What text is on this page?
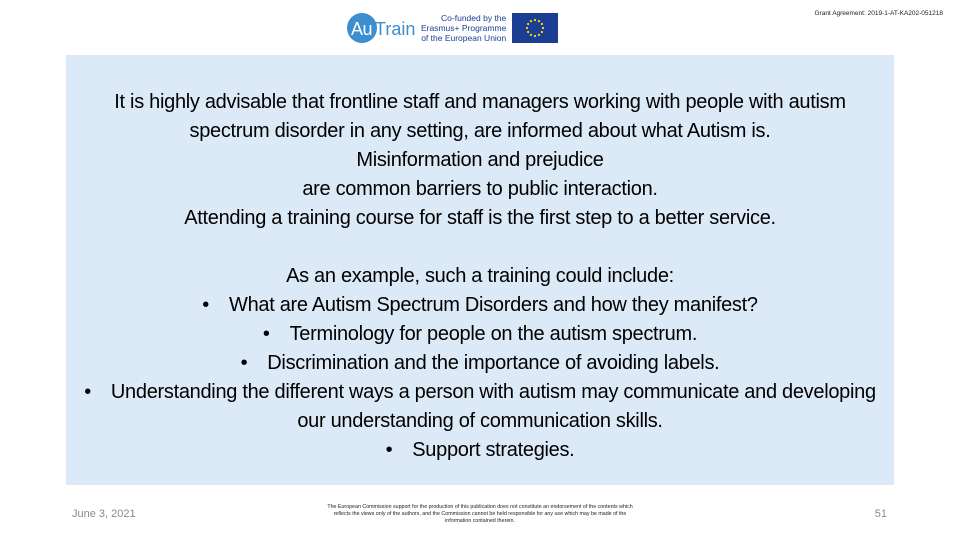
Au Train
Co-funded by the
Erasmus+ Programme
of the European Union
Grant Agreement: 2019-1-AT-KA202-051218
It is highly advisable that frontline staff and managers working with people with autism
spectrum disorder in any setting, are informed about what Autism is.
Misinformation and prejudice
are common barriers to public interaction.
Attending a training course for staff is the first step to a better service.
As an example, such a training could include:
• What are Autism Spectrum Disorders and how they manifest?
• Terminology for people on the autism spectrum.
• Discrimination and the importance of avoiding labels.
• Understanding the different ways a person with autism may communicate and developing
our understanding of communication skills.
• Support strategies.
June 3, 2021
The European Commission support for the production of this publication does not constitute an endorsement of the contents which reflects the views only of the authors, and the Commission cannot be held responsible for any use which may be made of the information contained therein.
51
